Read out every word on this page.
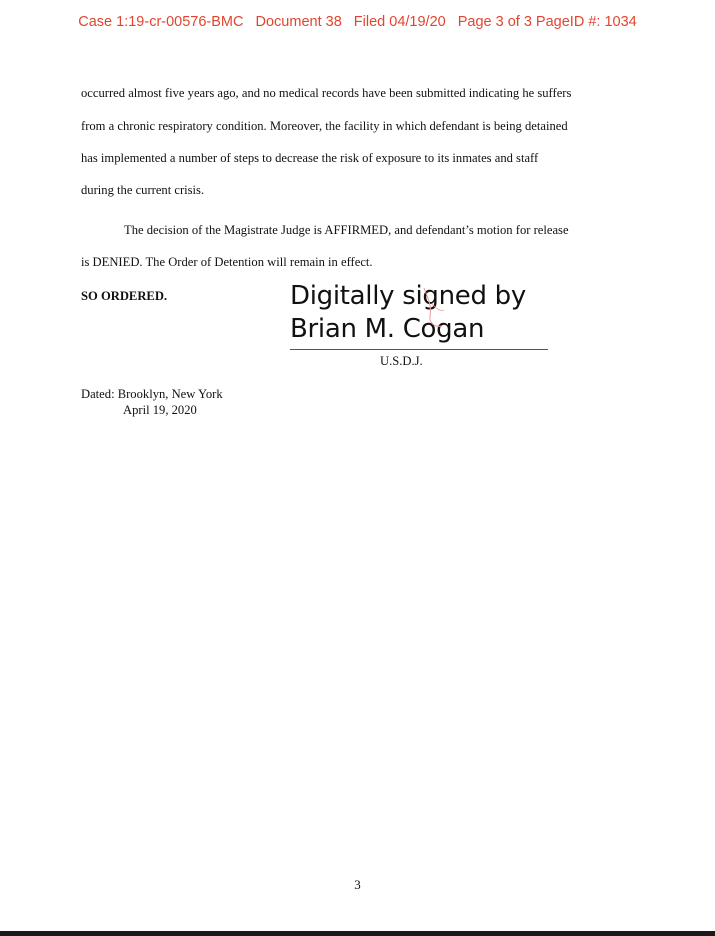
Case 1:19-cr-00576-BMC Document 38 Filed 04/19/20 Page 3 of 3 PageID #: 1034
occurred almost five years ago, and no medical records have been submitted indicating he suffers
from a chronic respiratory condition. Moreover, the facility in which defendant is being detained
has implemented a number of steps to decrease the risk of exposure to its inmates and staff
during the current crisis.
The decision of the Magistrate Judge is AFFIRMED, and defendant’s motion for release
is DENIED. The Order of Detention will remain in effect.
SO ORDERED.	Digitally signed by
Brian M. Cogan
U.S.D.J.
Dated: Brooklyn, New York
April 19, 2020
3
